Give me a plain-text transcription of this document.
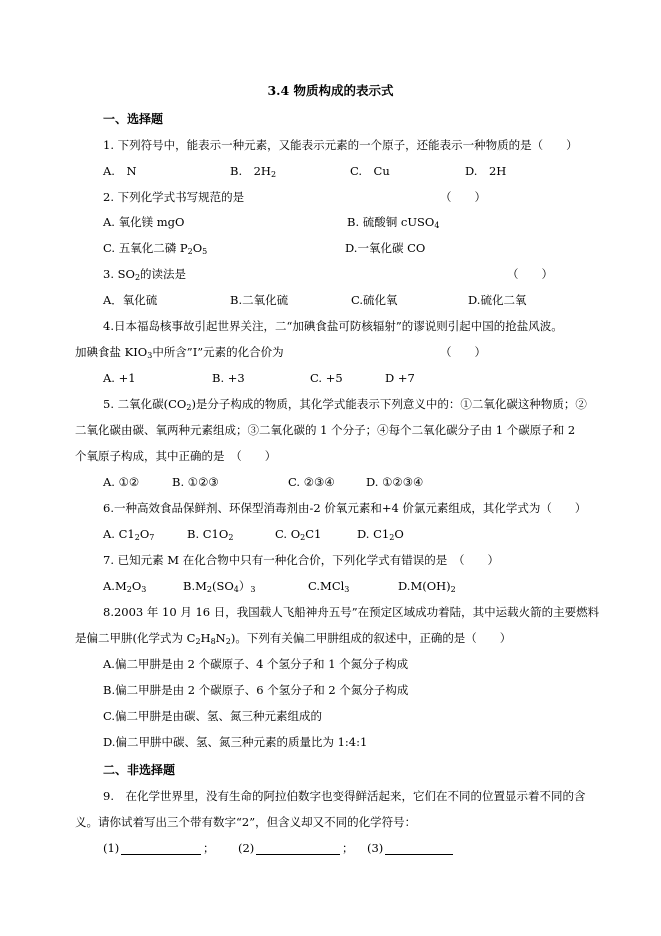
3.4 物质构成的表示式
一、选择题
1. 下列符号中，能表示一种元素，又能表示元素的一个原子，还能表示一种物质的是（　　）
A.　N	B.　$2H_2$	C.　Cu	D.　2H
2. 下列化学式书写规范的是	（　　）
A. 氧化镁 mgO	B. 硫酸铜 cUSO$_4$
C. 五氧化二磷 $P_2O_5$	D.一氧化碳 CO
3. $SO_2$的读法是	（　　）
A．氧化硫	B.二氧化硫	C.硫化氧	D.硫化二氧
4.日本福岛核事故引起世界关注，二“加碘食盐可防核辐射”的谬说则引起中国的抢盐风波。
加碘食盐 $KIO_3$中所含”I”元素的化合价为	（　　）
A. +1	B. +3	C. +5	D +7
5. 二氧化碳$(CO_2)$是分子构成的物质，其化学式能表示下列意义中的：①二氧化碳这种物质；②
二氧化碳由碳、氧两种元素组成；③二氧化碳的 1 个分子；④每个二氧化碳分子由 1 个碳原子和 2
个氧原子构成，其中正确的是　（　　）
A. ①②	B. ①②③	C. ②③④	D. ①②③④
6.一种高效食品保鲜剂、环保型消毒剂由-2 价氧元素和+4 价氯元素组成，其化学式为（　　）
A. $C1_2O_7$	B. $C1O_2$	C. $O_2C1$	D. $C1_2O$
7. 已知元素 M 在化合物中只有一种化合价，下列化学式有错误的是　（　　）
$A.M_2O_3$	$B.M_2(SO_4)_3$	C.MCl$_3$	$D.M(OH)_2$
8.2003 年 10 月 16 日，我国载人飞船神舟五号”在预定区域成功着陆，其中运载火箭的主要燃料
是偏二甲肼(化学式为 $C_2H_8N_2$)。下列有关偏二甲肼组成的叙述中，正确的是（　　）
A.偏二甲肼是由 2 个碳原子、4 个氢分子和 1 个氮分子构成
B.偏二甲肼是由 2 个碳原子、6 个氢分子和 2 个氮分子构成
C.偏二甲肼是由碳、氢、氮三种元素组成的
D.偏二甲肼中碳、氢、氮三种元素的质量比为 1:4:1
二、非选择题
9.　在化学世界里，没有生命的阿拉伯数字也变得鲜活起来，它们在不同的位置显示着不同的含
义。请你试着写出三个带有数字“2”，但含义却又不同的化学符号：
(1)	； (2)	； (3)
